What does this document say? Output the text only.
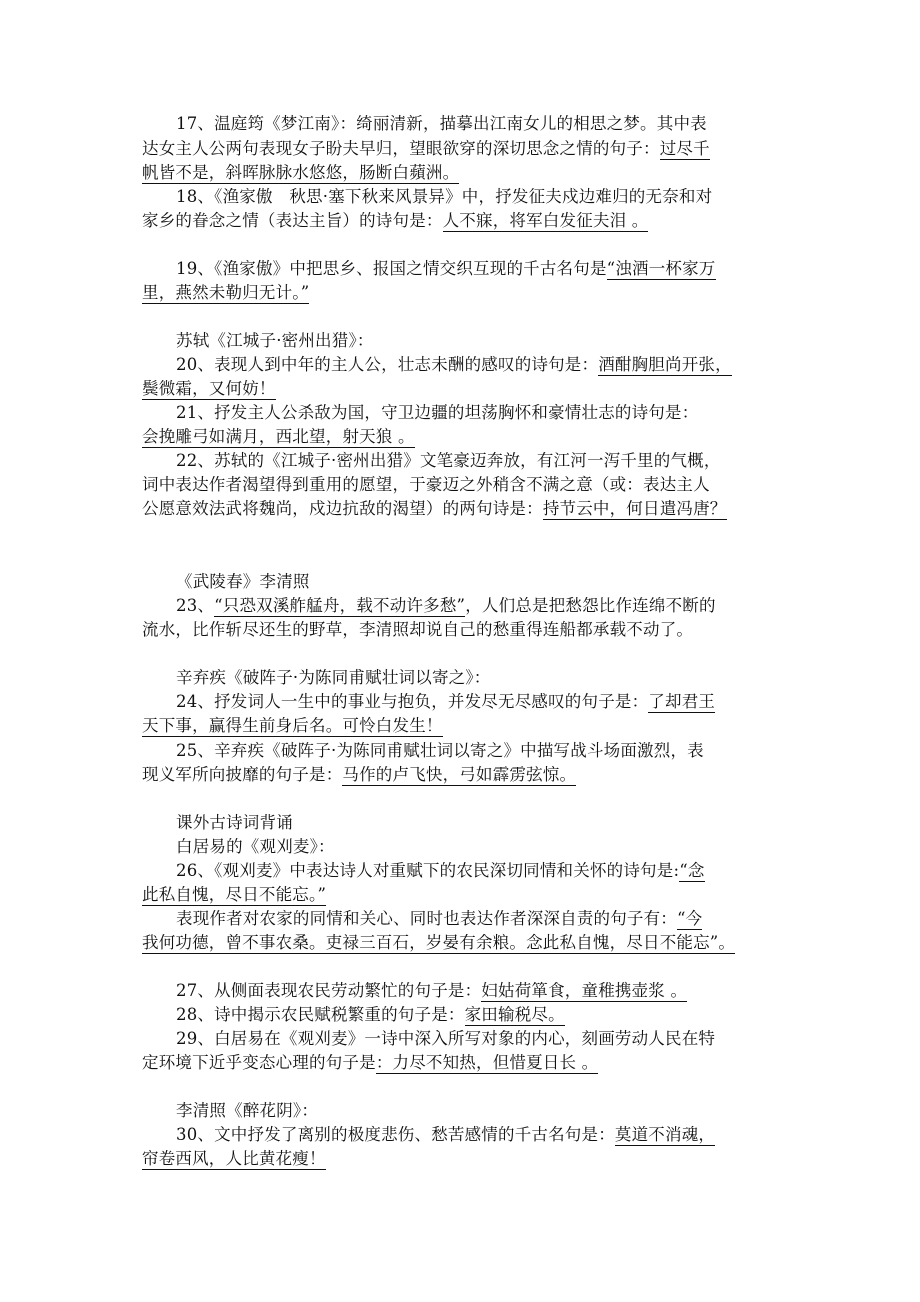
17、温庭筠《梦江南》：绮丽清新，描摹出江南女儿的相思之梦。其中表
达女主人公两句表现女子盼夫早归，望眼欲穿的深切思念之情的句子：过尽千
帆皆不是，斜晖脉脉水悠悠，肠断白蘋洲。
18、《渔家傲　秋思·塞下秋来风景异》中，抒发征夫戍边难归的无奈和对
家乡的眷念之情（表达主旨）的诗句是：人不寐，将军白发征夫泪 。
19、《渔家傲》中把思乡、报国之情交织互现的千古名句是“浊酒一杯家万
里，燕然未勒归无计。”
苏轼《江城子·密州出猎》：
20、表现人到中年的主人公，壮志未酬的感叹的诗句是：酒酣胸胆尚开张，
鬓微霜，又何妨！
21、抒发主人公杀敌为国，守卫边疆的坦荡胸怀和豪情壮志的诗句是：
会挽雕弓如满月，西北望，射天狼 。
22、苏轼的《江城子·密州出猎》文笔豪迈奔放，有江河一泻千里的气概，
词中表达作者渴望得到重用的愿望，于豪迈之外稍含不满之意（或：表达主人
公愿意效法武将魏尚，戍边抗敌的渴望）的两句诗是：持节云中，何日遣冯唐？
《武陵春》李清照
23、“只恐双溪舴艋舟，载不动许多愁”，人们总是把愁怨比作连绵不断的
流水，比作斩尽还生的野草，李清照却说自己的愁重得连船都承载不动了。
辛弃疾《破阵子·为陈同甫赋壮词以寄之》：
24、抒发词人一生中的事业与抱负，并发尽无尽感叹的句子是：了却君王
天下事，赢得生前身后名。可怜白发生！
25、辛弃疾《破阵子·为陈同甫赋壮词以寄之》中描写战斗场面激烈，表
现义军所向披靡的句子是：马作的卢飞快，弓如霹雳弦惊。
课外古诗词背诵
白居易的《观刈麦》：
26、《观刈麦》中表达诗人对重赋下的农民深切同情和关怀的诗句是:“念
此私自愧，尽日不能忘。”
表现作者对农家的同情和关心、同时也表达作者深深自责的句子有：“今
我何功德，曾不事农桑。吏禄三百石，岁晏有余粮。念此私自愧，尽日不能忘”。
27、从侧面表现农民劳动繁忙的句子是：妇姑荷箪食，童稚携壶浆 。
28、诗中揭示农民赋税繁重的句子是：家田输税尽。
29、白居易在《观刈麦》一诗中深入所写对象的内心，刻画劳动人民在特
定环境下近乎变态心理的句子是：力尽不知热，但惜夏日长 。
李清照《醉花阴》：
30、文中抒发了离别的极度悲伤、愁苦感情的千古名句是：莫道不消魂，
帘卷西风，人比黄花瘦！
